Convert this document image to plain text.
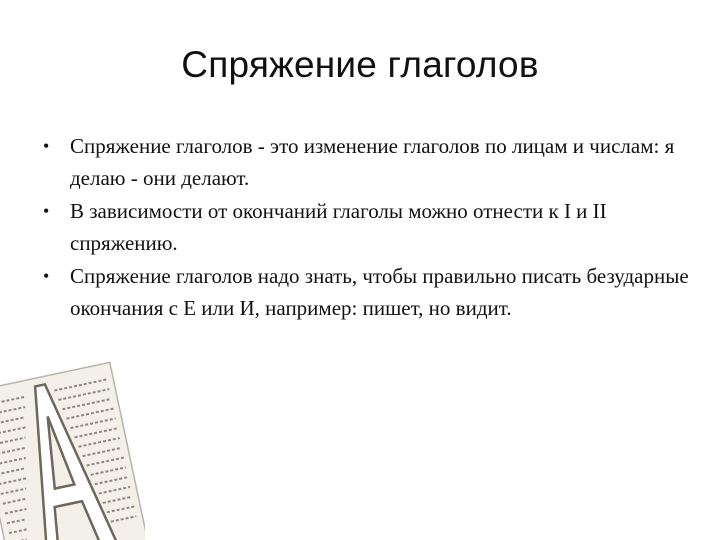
Спряжение глаголов
• Спряжение глаголов - это изменение глаголов по лицам и числам: я делаю - они делают.
• В зависимости от окончаний глаголы можно отнести к I и II спряжению.
• Спряжение глаголов надо знать, чтобы правильно писать безударные окончания с Е или И, например: пишет, но видит.
